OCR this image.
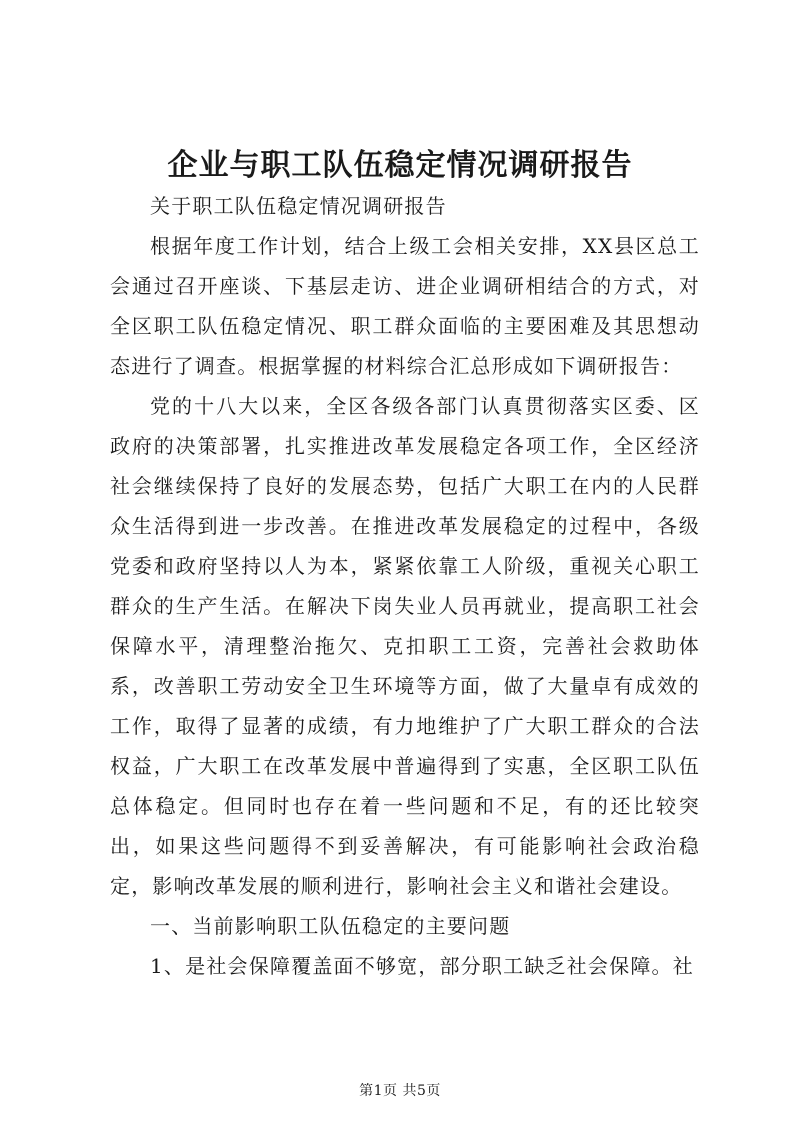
企业与职工队伍稳定情况调研报告

关于职工队伍稳定情况调研报告

根据年度工作计划，结合上级工会相关安排，XX县区总工会通过召开座谈、下基层走访、进企业调研相结合的方式，对全区职工队伍稳定情况、职工群众面临的主要困难及其思想动态进行了调查。根据掌握的材料综合汇总形成如下调研报告：

党的十八大以来，全区各级各部门认真贯彻落实区委、区政府的决策部署，扎实推进改革发展稳定各项工作，全区经济社会继续保持了良好的发展态势，包括广大职工在内的人民群众生活得到进一步改善。在推进改革发展稳定的过程中，各级党委和政府坚持以人为本，紧紧依靠工人阶级，重视关心职工群众的生产生活。在解决下岗失业人员再就业，提高职工社会保障水平，清理整治拖欠、克扣职工工资，完善社会救助体系，改善职工劳动安全卫生环境等方面，做了大量卓有成效的工作，取得了显著的成绩，有力地维护了广大职工群众的合法权益，广大职工在改革发展中普遍得到了实惠，全区职工队伍总体稳定。但同时也存在着一些问题和不足，有的还比较突出，如果这些问题得不到妥善解决，有可能影响社会政治稳定，影响改革发展的顺利进行，影响社会主义和谐社会建设。

一、当前影响职工队伍稳定的主要问题

1、是社会保障覆盖面不够宽，部分职工缺乏社会保障。社

第1页 共5页
